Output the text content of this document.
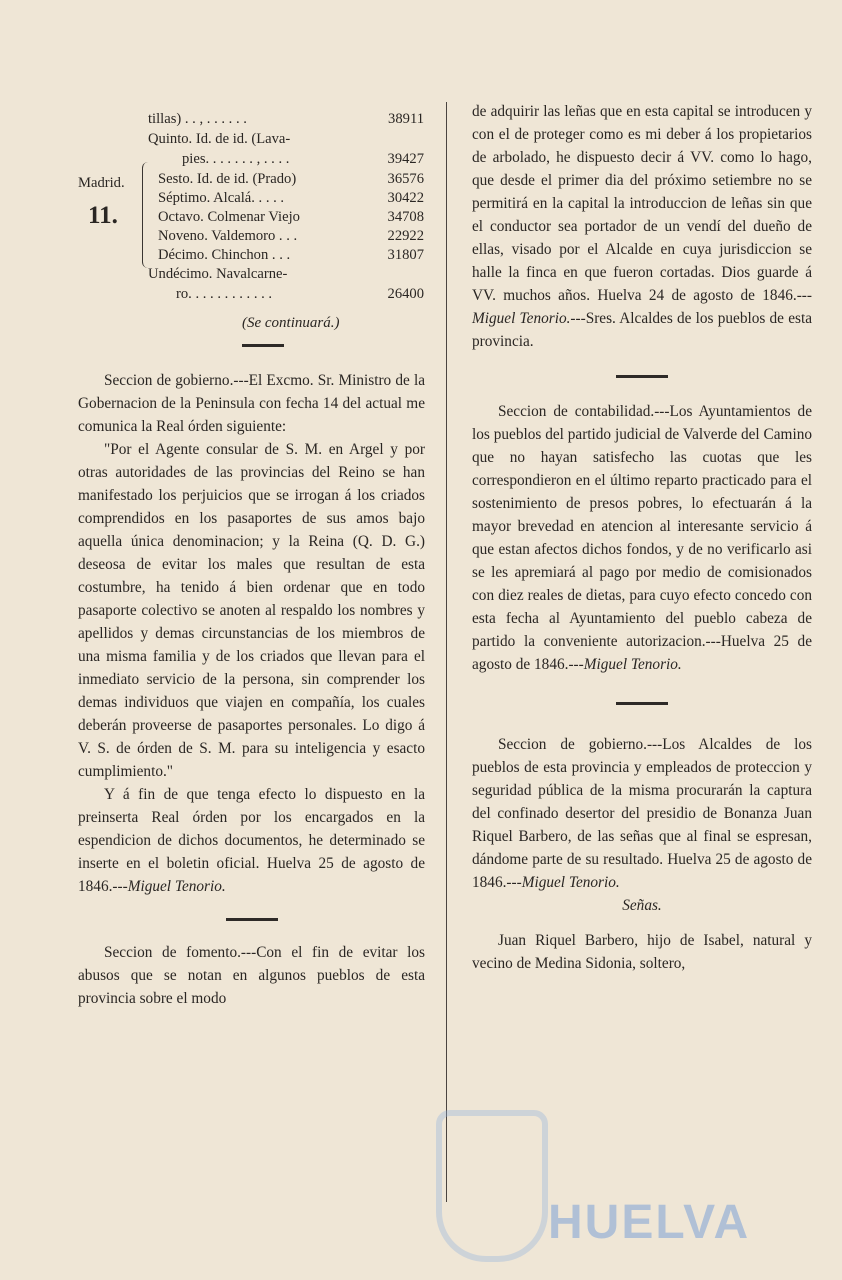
Madrid.
11.
tillas) . . , . . . . . .	38911
Quinto. Id. de id. (Lava-
pies. . . . . . . , . . . .	39427
Sesto. Id. de id. (Prado)	36576
Séptimo. Alcalá. . . . .	30422
Octavo. Colmenar Viejo	34708
Noveno. Valdemoro . . .	22922
Décimo. Chinchon . . .	31807
Undécimo. Navalcarne-
ro. . . . . . . . . . . .	26400

(Se continuará.)

Seccion de gobierno.---El Excmo. Sr. Ministro de la Gobernacion de la Peninsula con fecha 14 del actual me comunica la Real órden siguiente:

"Por el Agente consular de S. M. en Argel y por otras autoridades de las provincias del Reino se han manifestado los perjuicios que se irrogan á los criados comprendidos en los pasaportes de sus amos bajo aquella única denominacion; y la Reina (Q. D. G.) deseosa de evitar los males que resultan de esta costumbre, ha tenido á bien ordenar que en todo pasaporte colectivo se anoten al respaldo los nombres y apellidos y demas circunstancias de los miembros de una misma familia y de los criados que llevan para el inmediato servicio de la persona, sin comprender los demas individuos que viajen en compañía, los cuales deberán proveerse de pasaportes personales. Lo digo á V. S. de órden de S. M. para su inteligencia y esacto cumplimiento."

Y á fin de que tenga efecto lo dispuesto en la preinserta Real órden por los encargados en la espendicion de dichos documentos, he determinado se inserte en el boletin oficial. Huelva 25 de agosto de 1846.---Miguel Tenorio.

Seccion de fomento.---Con el fin de evitar los abusos que se notan en algunos pueblos de esta provincia sobre el modo

de adquirir las leñas que en esta capital se introducen y con el de proteger como es mi deber á los propietarios de arbolado, he dispuesto decir á VV. como lo hago, que desde el primer dia del próximo setiembre no se permitirá en la capital la introduccion de leñas sin que el conductor sea portador de un vendí del dueño de ellas, visado por el Alcalde en cuya jurisdiccion se halle la finca en que fueron cortadas. Dios guarde á VV. muchos años. Huelva 24 de agosto de 1846.---Miguel Tenorio.---Sres. Alcaldes de los pueblos de esta provincia.

Seccion de contabilidad.---Los Ayuntamientos de los pueblos del partido judicial de Valverde del Camino que no hayan satisfecho las cuotas que les correspondieron en el último reparto practicado para el sostenimiento de presos pobres, lo efectuarán á la mayor brevedad en atencion al interesante servicio á que estan afectos dichos fondos, y de no verificarlo asi se les apremiará al pago por medio de comisionados con diez reales de dietas, para cuyo efecto concedo con esta fecha al Ayuntamiento del pueblo cabeza de partido la conveniente autorizacion.---Huelva 25 de agosto de 1846.---Miguel Tenorio.

Seccion de gobierno.---Los Alcaldes de los pueblos de esta provincia y empleados de proteccion y seguridad pública de la misma procurarán la captura del confinado desertor del presidio de Bonanza Juan Riquel Barbero, de las señas que al final se espresan, dándome parte de su resultado. Huelva 25 de agosto de 1846.---Miguel Tenorio.

Señas.

Juan Riquel Barbero, hijo de Isabel, natural y vecino de Medina Sidonia, soltero,

HUELVA
